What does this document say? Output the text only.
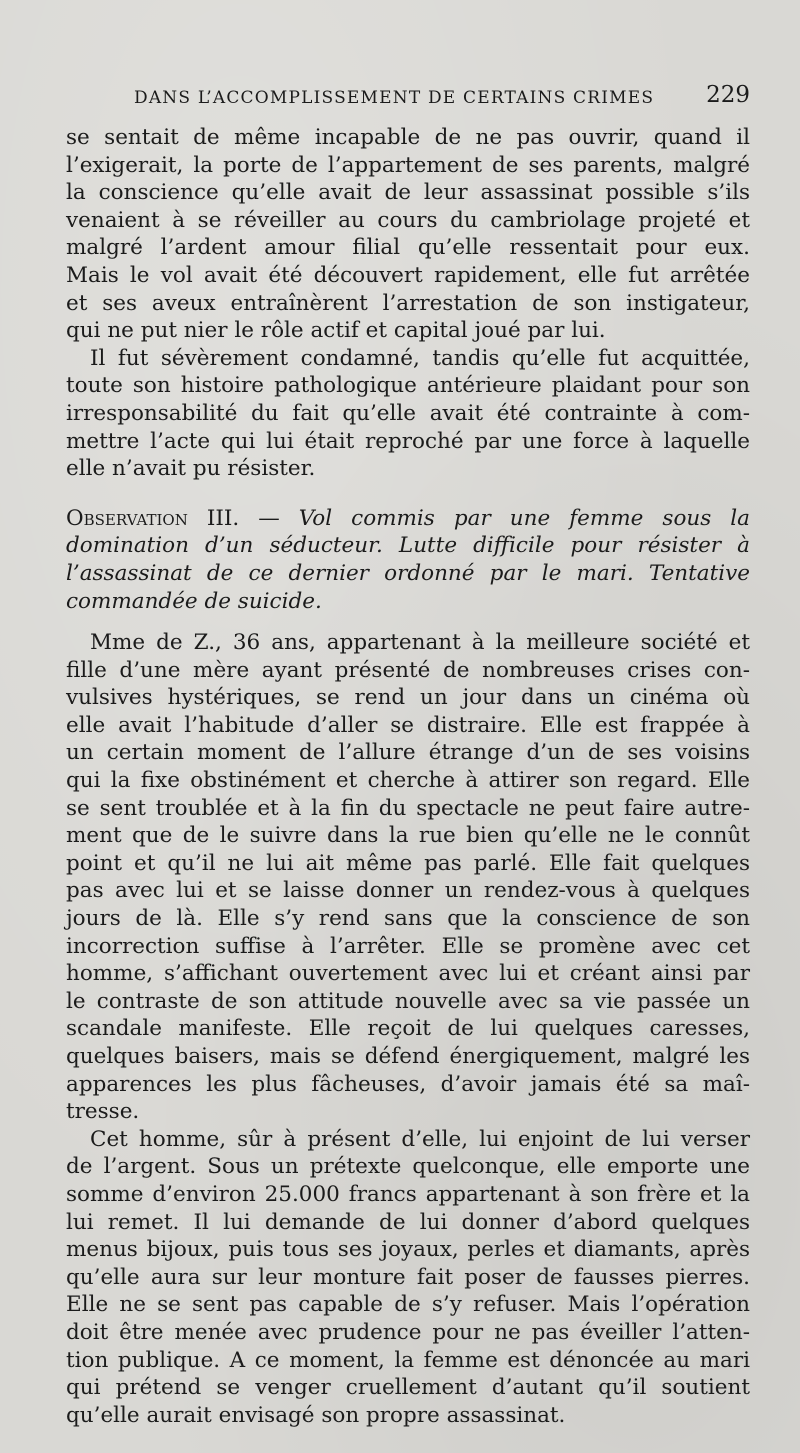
DANS L’ACCOMPLISSEMENT DE CERTAINS CRIMES 229
se sentait de même incapable de ne pas ouvrir, quand il
l’exigerait, la porte de l’appartement de ses parents, malgré
la conscience qu’elle avait de leur assassinat possible s’ils
venaient à se réveiller au cours du cambriolage projeté et
malgré l’ardent amour filial qu’elle ressentait pour eux.
Mais le vol avait été découvert rapidement, elle fut arrêtée
et ses aveux entraînèrent l’arrestation de son instigateur,
qui ne put nier le rôle actif et capital joué par lui.
Il fut sévèrement condamné, tandis qu’elle fut acquittée,
toute son histoire pathologique antérieure plaidant pour son
irresponsabilité du fait qu’elle avait été contrainte à com-
mettre l’acte qui lui était reproché par une force à laquelle
elle n’avait pu résister.
Observation III. — Vol commis par une femme sous la
domination d’un séducteur. Lutte difficile pour résister à
l’assassinat de ce dernier ordonné par le mari. Tentative
commandée de suicide.
Mme de Z., 36 ans, appartenant à la meilleure société et
fille d’une mère ayant présenté de nombreuses crises con-
vulsives hystériques, se rend un jour dans un cinéma où
elle avait l’habitude d’aller se distraire. Elle est frappée à
un certain moment de l’allure étrange d’un de ses voisins
qui la fixe obstinément et cherche à attirer son regard. Elle
se sent troublée et à la fin du spectacle ne peut faire autre-
ment que de le suivre dans la rue bien qu’elle ne le connût
point et qu’il ne lui ait même pas parlé. Elle fait quelques
pas avec lui et se laisse donner un rendez-vous à quelques
jours de là. Elle s’y rend sans que la conscience de son
incorrection suffise à l’arrêter. Elle se promène avec cet
homme, s’affichant ouvertement avec lui et créant ainsi par
le contraste de son attitude nouvelle avec sa vie passée un
scandale manifeste. Elle reçoit de lui quelques caresses,
quelques baisers, mais se défend énergiquement, malgré les
apparences les plus fâcheuses, d’avoir jamais été sa maî-
tresse.
Cet homme, sûr à présent d’elle, lui enjoint de lui verser
de l’argent. Sous un prétexte quelconque, elle emporte une
somme d’environ 25.000 francs appartenant à son frère et la
lui remet. Il lui demande de lui donner d’abord quelques
menus bijoux, puis tous ses joyaux, perles et diamants, après
qu’elle aura sur leur monture fait poser de fausses pierres.
Elle ne se sent pas capable de s’y refuser. Mais l’opération
doit être menée avec prudence pour ne pas éveiller l’atten-
tion publique. A ce moment, la femme est dénoncée au mari
qui prétend se venger cruellement d’autant qu’il soutient
qu’elle aurait envisagé son propre assassinat.
